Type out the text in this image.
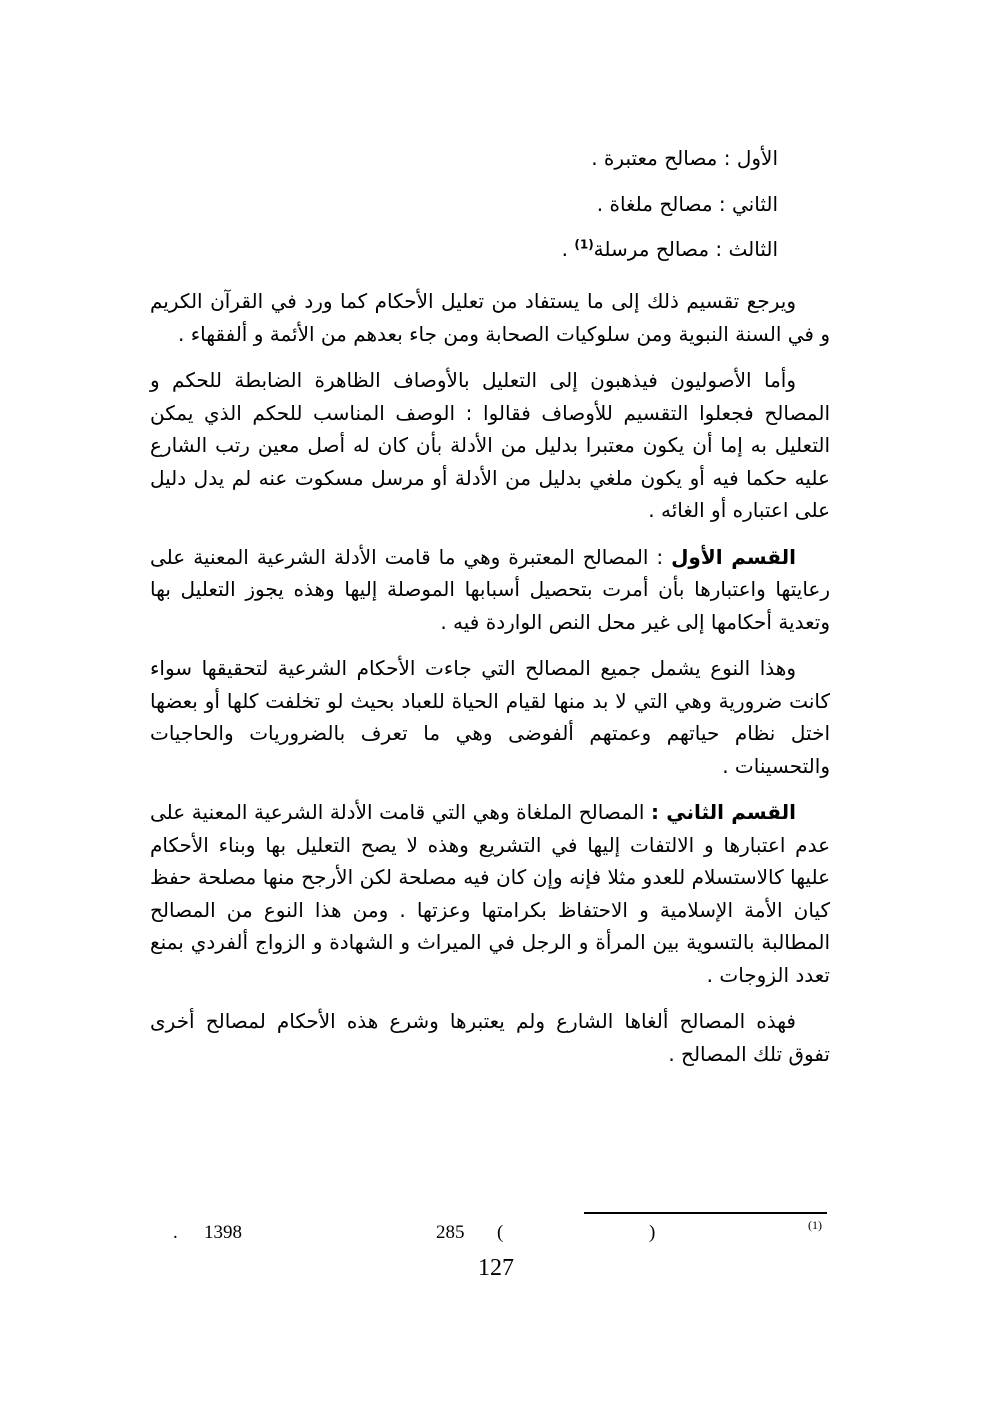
الأول : مصالح معتبرة .
الثاني : مصالح ملغاة .
الثالث : مصالح مرسلة$^{(1)}$ .

ويرجع تقسيم ذلك إلى ما يستفاد من تعليل الأحكام كما ورد في القرآن الكريم و في السنة النبوية ومن سلوكيات الصحابة ومن جاء بعدهم من الأئمة و ألفقهاء .

وأما الأصوليون فيذهبون إلى التعليل بالأوصاف الظاهرة الضابطة للحكم و المصالح فجعلوا التقسيم للأوصاف فقالوا : الوصف المناسب للحكم الذي يمكن التعليل به إما أن يكون معتبرا بدليل من الأدلة بأن كان له أصل معين رتب الشارع عليه حكما فيه أو يكون ملغي بدليل من الأدلة أو مرسل مسكوت عنه لم يدل دليل على اعتباره أو الغائه .

القسم الأول : المصالح المعتبرة وهي ما قامت الأدلة الشرعية المعنية على رعايتها واعتبارها بأن أمرت بتحصيل أسبابها الموصلة إليها وهذه يجوز التعليل بها وتعدية أحكامها إلى غير محل النص الواردة فيه .

وهذا النوع يشمل جميع المصالح التي جاءت الأحكام الشرعية لتحقيقها سواء كانت ضرورية وهي التي لا بد منها لقيام الحياة للعباد بحيث لو تخلفت كلها أو بعضها اختل نظام حياتهم وعمتهم ألفوضى وهي ما تعرف بالضروريات والحاجيات والتحسينات .

القسم الثاني : المصالح الملغاة وهي التي قامت الأدلة الشرعية المعنية على عدم اعتبارها و الالتفات إليها في التشريع وهذه لا يصح التعليل بها وبناء الأحكام عليها كالاستسلام للعدو مثلا فإنه وإن كان فيه مصلحة لكن الأرجح منها مصلحة حفظ كيان الأمة الإسلامية و الاحتفاظ بكرامتها وعزتها . ومن هذا النوع من المصالح المطالبة بالتسوية بين المرأة و الرجل في الميراث و الشهادة و الزواج ألفردي بمنع تعدد الزوجات .

فهذه المصالح ألغاها الشارع ولم يعتبرها وشرع هذه الأحكام لمصالح أخرى تفوق تلك المصالح .

(1)
)
(
285
1398
.
127
